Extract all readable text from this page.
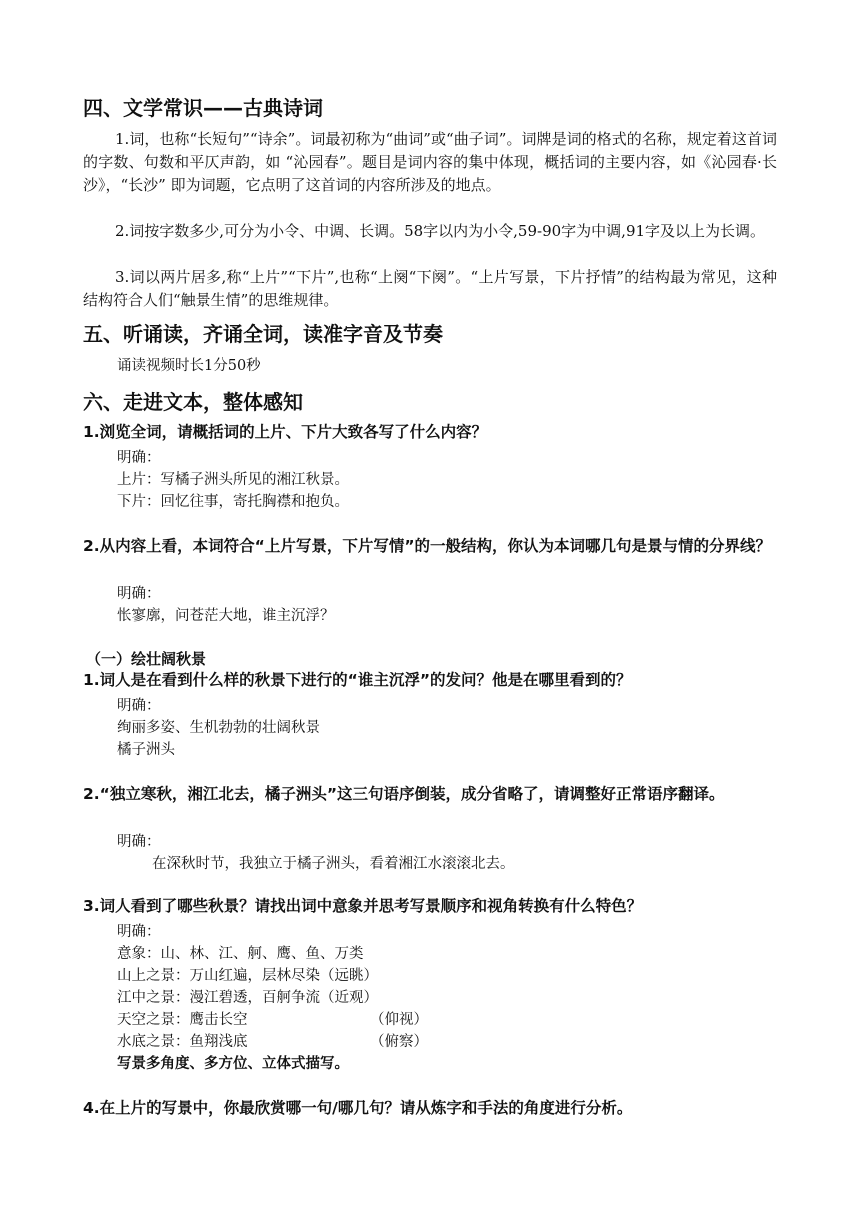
四、文学常识——古典诗词

1.词，也称“长短句”“诗余”。词最初称为“曲词”或“曲子词”。词牌是词的格式的名称，规定着这首词的字数、句数和平仄声韵，如 “沁园春”。题目是词内容的集中体现，概括词的主要内容，如《沁园春·长沙》，“长沙” 即为词题，它点明了这首词的内容所涉及的地点。

2.词按字数多少,可分为小令、中调、长调。58字以内为小令,59-90字为中调,91字及以上为长调。

3.词以两片居多,称“上片”“下片”,也称“上阕“下阕”。“上片写景，下片抒情”的结构最为常见，这种结构符合人们“触景生情”的思维规律。

五、听诵读，齐诵全词，读准字音及节奏
诵读视频时长1分50秒
六、走进文本，整体感知
1.浏览全词，请概括词的上片、下片大致各写了什么内容？
明确：
上片：写橘子洲头所见的湘江秋景。
下片：回忆往事，寄托胸襟和抱负。
2.从内容上看，本词符合“上片写景，下片写情”的一般结构，你认为本词哪几句是景与情的分界线？
明确：
怅寥廓，问苍茫大地，谁主沉浮？
（一）绘壮阔秋景
1.词人是在看到什么样的秋景下进行的“谁主沉浮”的发问？他是在哪里看到的？
明确：
绚丽多姿、生机勃勃的壮阔秋景
橘子洲头
2.“独立寒秋，湘江北去，橘子洲头”这三句语序倒装，成分省略了，请调整好正常语序翻译。
明确：
在深秋时节，我独立于橘子洲头，看着湘江水滚滚北去。
3.词人看到了哪些秋景？请找出词中意象并思考写景顺序和视角转换有什么特色？
明确：
意象：山、林、江、舸、鹰、鱼、万类
山上之景：万山红遍，层林尽染（远眺）
江中之景：漫江碧透，百舸争流（近观）
天空之景：鹰击长空	（仰视）
水底之景：鱼翔浅底	（俯察）
写景多角度、多方位、立体式描写。
4.在上片的写景中，你最欣赏哪一句/哪几句？请从炼字和手法的角度进行分析。
